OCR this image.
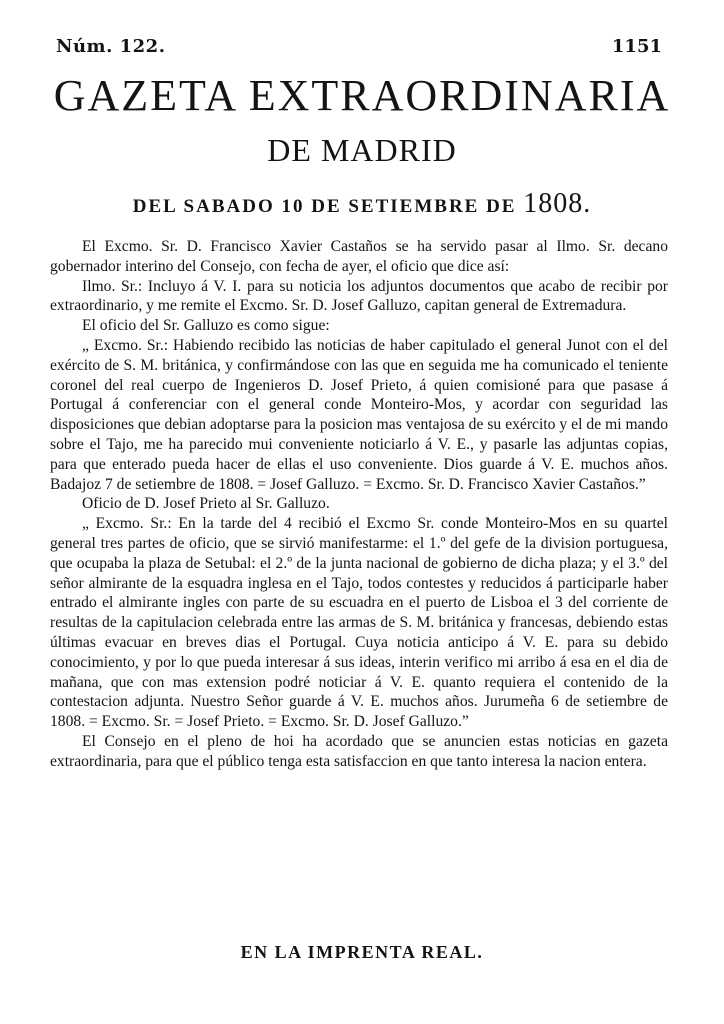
Núm. 122.	1151
GAZETA EXTRAORDINARIA
DE MADRID
DEL SABADO 10 DE SETIEMBRE DE 1808.

El Excmo. Sr. D. Francisco Xavier Castaños se ha servido pasar al Ilmo. Sr. decano gobernador interino del Consejo, con fecha de ayer, el oficio que dice así:

Ilmo. Sr.: Incluyo á V. I. para su noticia los adjuntos documentos que acabo de recibir por extraordinario, y me remite el Excmo. Sr. D. Josef Galluzo, capitan general de Extremadura.

El oficio del Sr. Galluzo es como sigue:

„ Excmo. Sr.: Habiendo recibido las noticias de haber capitulado el general Junot con el del exército de S. M. británica, y confirmándose con las que en seguida me ha comunicado el teniente coronel del real cuerpo de Ingenieros D. Josef Prieto, á quien comisioné para que pasase á Portugal á conferenciar con el general conde Monteiro-Mos, y acordar con seguridad las disposiciones que debian adoptarse para la posicion mas ventajosa de su exército y el de mi mando sobre el Tajo, me ha parecido mui conveniente noticiarlo á V. E., y pasarle las adjuntas copias, para que enterado pueda hacer de ellas el uso conveniente. Dios guarde á V. E. muchos años. Badajoz 7 de setiembre de 1808. = Josef Galluzo. = Excmo. Sr. D. Francisco Xavier Castaños.”

Oficio de D. Josef Prieto al Sr. Galluzo.

„ Excmo. Sr.: En la tarde del 4 recibió el Excmo Sr. conde Monteiro-Mos en su quartel general tres partes de oficio, que se sirvió manifestarme: el 1.º del gefe de la division portuguesa, que ocupaba la plaza de Setubal: el 2.º de la junta nacional de gobierno de dicha plaza; y el 3.º del señor almirante de la esquadra inglesa en el Tajo, todos contestes y reducidos á participarle haber entrado el almirante ingles con parte de su escuadra en el puerto de Lisboa el 3 del corriente de resultas de la capitulacion celebrada entre las armas de S. M. británica y francesas, debiendo estas últimas evacuar en breves dias el Portugal. Cuya noticia anticipo á V. E. para su debido conocimiento, y por lo que pueda interesar á sus ideas, interin verifico mi arribo á esa en el dia de mañana, que con mas extension podré noticiar á V. E. quanto requiera el contenido de la contestacion adjunta. Nuestro Señor guarde á V. E. muchos años. Jurumeña 6 de setiembre de 1808. = Excmo. Sr. = Josef Prieto. = Excmo. Sr. D. Josef Galluzo.”

El Consejo en el pleno de hoi ha acordado que se anuncien estas noticias en gazeta extraordinaria, para que el público tenga esta satisfaccion en que tanto interesa la nacion entera.

EN LA IMPRENTA REAL.
